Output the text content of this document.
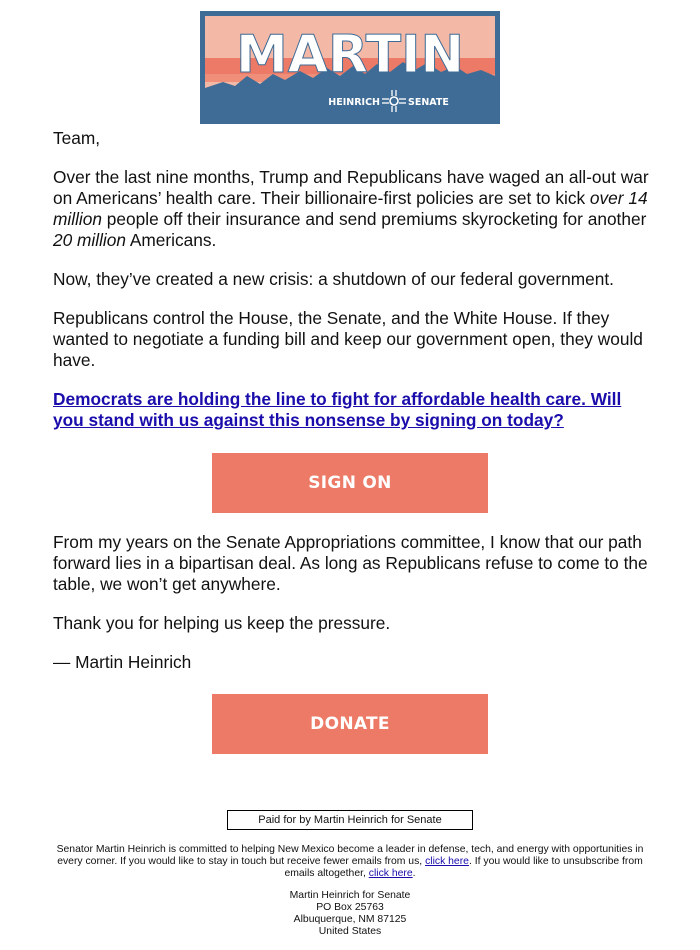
MARTIN
HEINRICH	SENATE

Team,

Over the last nine months, Trump and Republicans have waged an all-out war on Americans’ health care. Their billionaire-first policies are set to kick over 14 million people off their insurance and send premiums skyrocketing for another 20 million Americans.

Now, they’ve created a new crisis: a shutdown of our federal government.

Republicans control the House, the Senate, and the White House. If they wanted to negotiate a funding bill and keep our government open, they would have.

Democrats are holding the line to fight for affordable health care. Will you stand with us against this nonsense by signing on today?
SIGN ON

From my years on the Senate Appropriations committee, I know that our path forward lies in a bipartisan deal. As long as Republicans refuse to come to the table, we won’t get anywhere.

Thank you for helping us keep the pressure.

— Martin Heinrich

DONATE
Paid for by Martin Heinrich for Senate
Senator Martin Heinrich is committed to helping New Mexico become a leader in defense, tech, and energy with opportunities in every corner. If you would like to stay in touch but receive fewer emails from us, click here. If you would like to unsubscribe from emails altogether, click here.
Martin Heinrich for Senate
PO Box 25763
Albuquerque, NM 87125
United States
